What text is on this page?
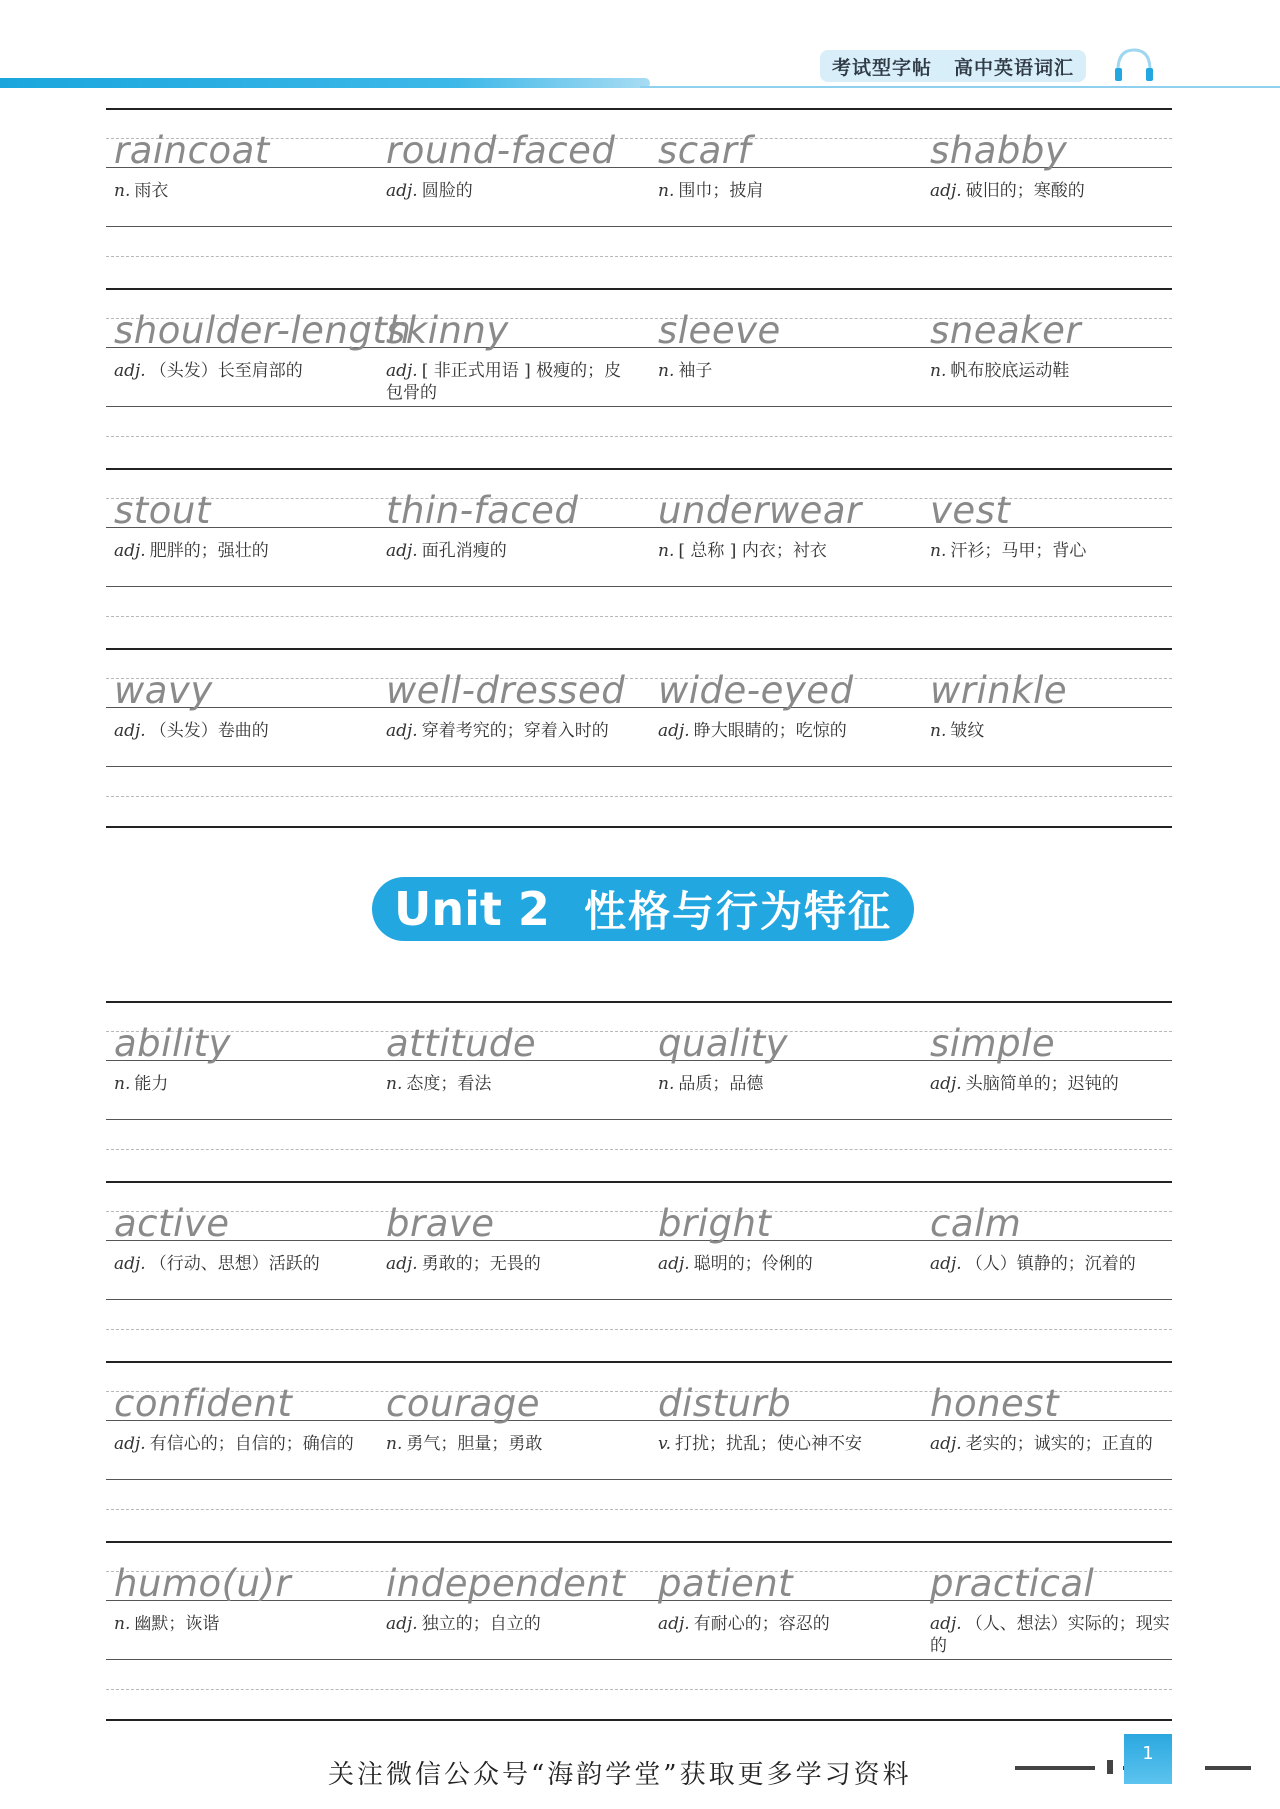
考试型字帖 高中英语词汇
raincoat
n. 雨衣
round-faced
adj. 圆脸的
scarf
n. 围巾；披肩
shabby
adj. 破旧的；寒酸的
shoulder-length
adj. （头发）长至肩部的
skinny
adj. [ 非正式用语 ] 极瘦的；皮包骨的
sleeve
n. 袖子
sneaker
n. 帆布胶底运动鞋
stout
adj. 肥胖的；强壮的
thin-faced
adj. 面孔消瘦的
underwear
n. [ 总称 ] 内衣；衬衣
vest
n. 汗衫；马甲；背心
wavy
adj. （头发）卷曲的
well-dressed
adj. 穿着考究的；穿着入时的
wide-eyed
adj. 睁大眼睛的；吃惊的
wrinkle
n. 皱纹
Unit 2 性格与行为特征
ability
n. 能力
attitude
n. 态度；看法
quality
n. 品质；品德
simple
adj. 头脑简单的；迟钝的
active
adj. （行动、思想）活跃的
brave
adj. 勇敢的；无畏的
bright
adj. 聪明的；伶俐的
calm
adj. （人）镇静的；沉着的
confident
adj. 有信心的；自信的；确信的
courage
n. 勇气；胆量；勇敢
disturb
v. 打扰；扰乱；使心神不安
honest
adj. 老实的；诚实的；正直的
humo(u)r
n. 幽默；诙谐
independent
adj. 独立的；自立的
patient
adj. 有耐心的；容忍的
practical
adj. （人、想法）实际的；现实的
关注微信公众号“海韵学堂”获取更多学习资料
1
